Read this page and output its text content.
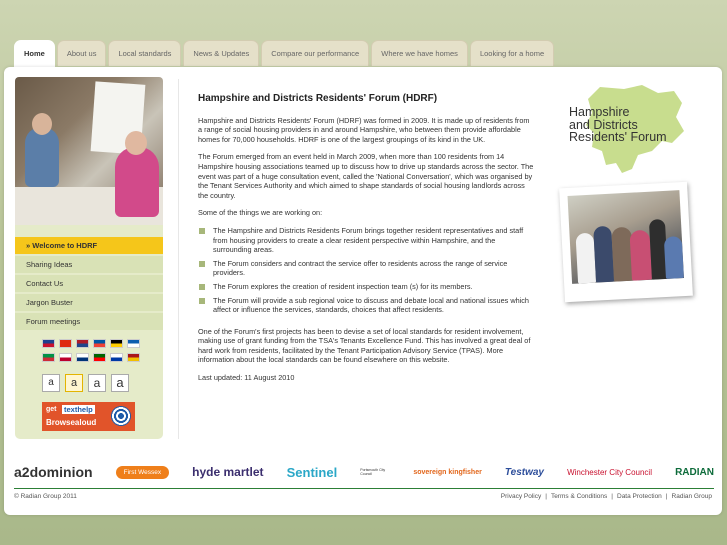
Home	About us	Local standards	News & Updates	Compare our performance	Where we have homes	Looking for a home
» Welcome to HDRF
Sharing Ideas
Contact Us
Jargon Buster
Forum meetings
a	a	a	a
get texthelp
Browsealoud
Hampshire and Districts Residents' Forum (HDRF)

Hampshire and Districts Residents' Forum (HDRF) was formed in 2009. It is made up of residents from a range of social housing providers in and around Hampshire, who between them provide affordable homes for 70,000 households. HDRF is one of the largest groupings of its kind in the UK.

The Forum emerged from an event held in March 2009, when more than 100 residents from 14 Hampshire housing associations teamed up to discuss how to drive up standards across the sector. The event was part of a huge consultation event, called the 'National Conversation', which was organised by the Tenant Services Authority and which aimed to shape standards of social housing landlords across the country.

Some of the things we are working on:

The Hampshire and Districts Residents Forum brings together resident representatives and staff from housing providers to create a clear resident perspective within Hampshire, and the surrounding areas.
The Forum considers and contract the service offer to residents across the range of service providers.
The Forum explores the creation of resident inspection team (s) for its members.
The Forum will provide a sub regional voice to discuss and debate local and national issues which affect or influence the services, standards, choices that affect residents.

One of the Forum's first projects has been to devise a set of local standards for resident involvement, making use of grant funding from the TSA's Tenants Excellence Fund. This has involved a great deal of hard work from residents, facilitated by the Tenant Participation Advisory Service (TPAS). More information about the local standards can be found elsewhere on this website.

Last updated: 11 August 2010

Hampshire
and Districts
Residents' Forum
a2dominion	First Wessex	hyde martlet Sentinel	Portsmouth City Council	sovereign kingfisher Testway	Winchester City Council RADIAN
© Radian Group 2011	Privacy Policy | Terms & Conditions | Data Protection | Radian Group
